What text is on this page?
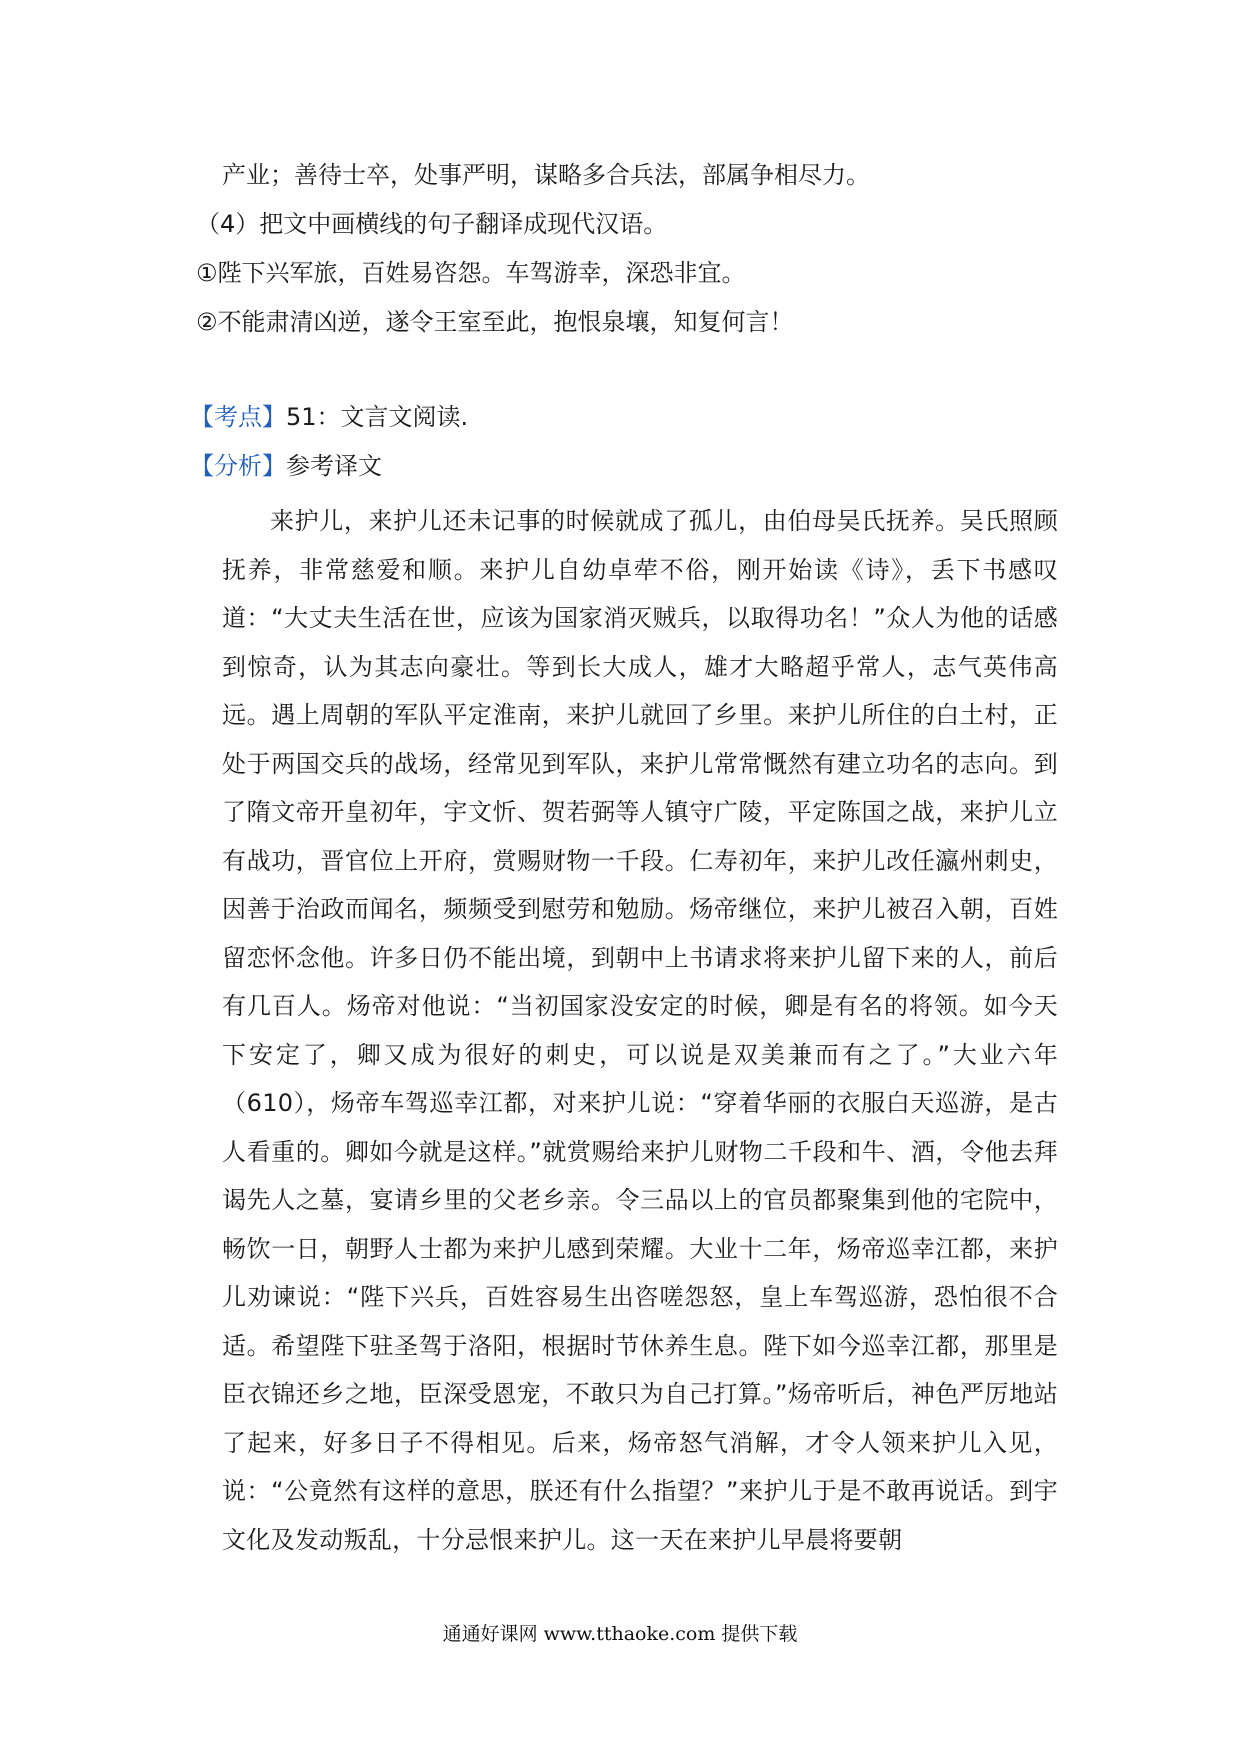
产业；善待士卒，处事严明，谋略多合兵法，部属争相尽力。
（4）把文中画横线的句子翻译成现代汉语。
①陛下兴军旅，百姓易咨怨。车驾游幸，深恐非宜。
②不能肃清凶逆，遂令王室至此，抱恨泉壤，知复何言！
【考点】51：文言文阅读.
【分析】参考译文

来护儿，来护儿还未记事的时候就成了孤儿，由伯母吴氏抚养。吴氏照顾抚养，非常慈爱和顺。来护儿自幼卓荦不俗，刚开始读《诗》，丢下书感叹道：“大丈夫生活在世，应该为国家消灭贼兵，以取得功名！”众人为他的话感到惊奇，认为其志向豪壮。等到长大成人，雄才大略超乎常人，志气英伟高远。遇上周朝的军队平定淮南，来护儿就回了乡里。来护儿所住的白土村，正处于两国交兵的战场，经常见到军队，来护儿常常慨然有建立功名的志向。到了隋文帝开皇初年，宇文忻、贺若弼等人镇守广陵，平定陈国之战，来护儿立有战功，晋官位上开府，赏赐财物一千段。仁寿初年，来护儿改任瀛州刺史，因善于治政而闻名，频频受到慰劳和勉励。炀帝继位，来护儿被召入朝，百姓留恋怀念他。许多日仍不能出境，到朝中上书请求将来护儿留下来的人，前后有几百人。炀帝对他说：“当初国家没安定的时候，卿是有名的将领。如今天下安定了，卿又成为很好的刺史，可以说是双美兼而有之了。”大业六年（610），炀帝车驾巡幸江都，对来护儿说：“穿着华丽的衣服白天巡游，是古人看重的。卿如今就是这样。”就赏赐给来护儿财物二千段和牛、酒，令他去拜谒先人之墓，宴请乡里的父老乡亲。令三品以上的官员都聚集到他的宅院中，畅饮一日，朝野人士都为来护儿感到荣耀。大业十二年，炀帝巡幸江都，来护儿劝谏说：“陛下兴兵，百姓容易生出咨嗟怨怒，皇上车驾巡游，恐怕很不合适。希望陛下驻圣驾于洛阳，根据时节休养生息。陛下如今巡幸江都，那里是臣衣锦还乡之地，臣深受恩宠，不敢只为自己打算。”炀帝听后，神色严厉地站了起来，好多日子不得相见。后来，炀帝怒气消解，才令人领来护儿入见，说：“公竟然有这样的意思，朕还有什么指望？”来护儿于是不敢再说话。到宇文化及发动叛乱，十分忌恨来护儿。这一天在来护儿早晨将要朝

通通好课网 www.tthaoke.com 提供下载
